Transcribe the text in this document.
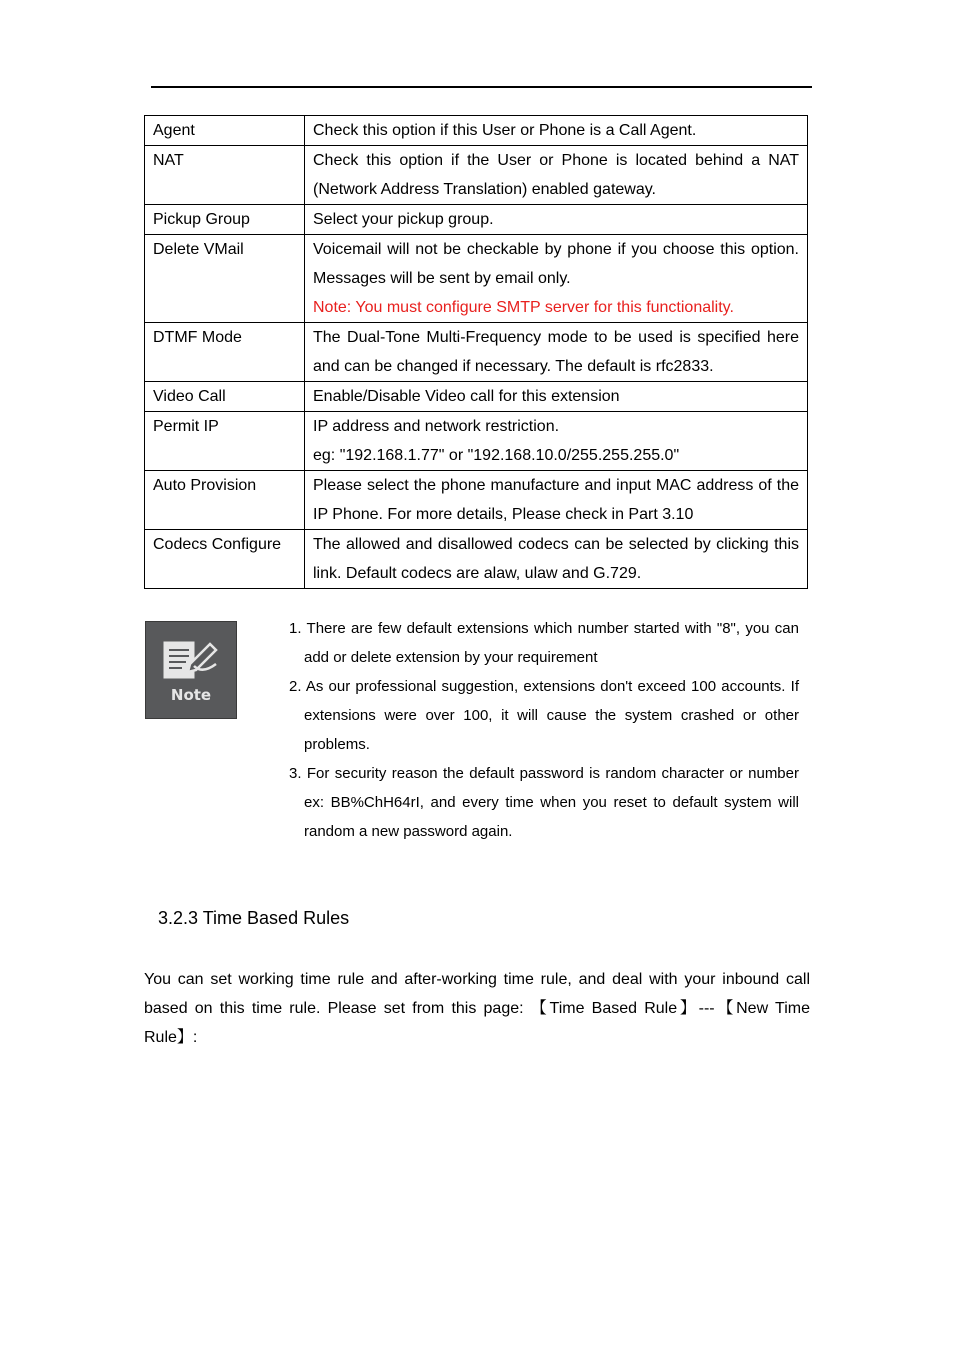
Agent	Check this option if this User or Phone is a Call Agent.

NAT	Check this option if the User or Phone is located behind a NAT (Network Address Translation) enabled gateway.

Pickup Group	Select your pickup group.

Delete VMail	Voicemail will not be checkable by phone if you choose this option. Messages will be sent by email only.
Note: You must configure SMTP server for this functionality.

DTMF Mode	The Dual-Tone Multi-Frequency mode to be used is specified here and can be changed if necessary. The default is rfc2833.

Video Call	Enable/Disable Video call for this extension

Permit IP	IP address and network restriction.
eg: "192.168.1.77" or "192.168.10.0/255.255.255.0"

Auto Provision	Please select the phone manufacture and input MAC address of the IP Phone. For more details, Please check in Part 3.10

Codecs Configure	The allowed and disallowed codecs can be selected by clicking this link. Default codecs are alaw, ulaw and G.729.
Note
1. There are few default extensions which number started with "8", you can add or delete extension by your requirement
2. As our professional suggestion, extensions don't exceed 100 accounts. If extensions were over 100, it will cause the system crashed or other problems.
3. For security reason the default password is random character or number ex: BB%ChH64rI, and every time when you reset to default system will random a new password again.
3.2.3 Time Based Rules

You can set working time rule and after-working time rule, and deal with your inbound call based on this time rule. Please set from this page: 【Time Based Rule】---【New Time Rule】:
